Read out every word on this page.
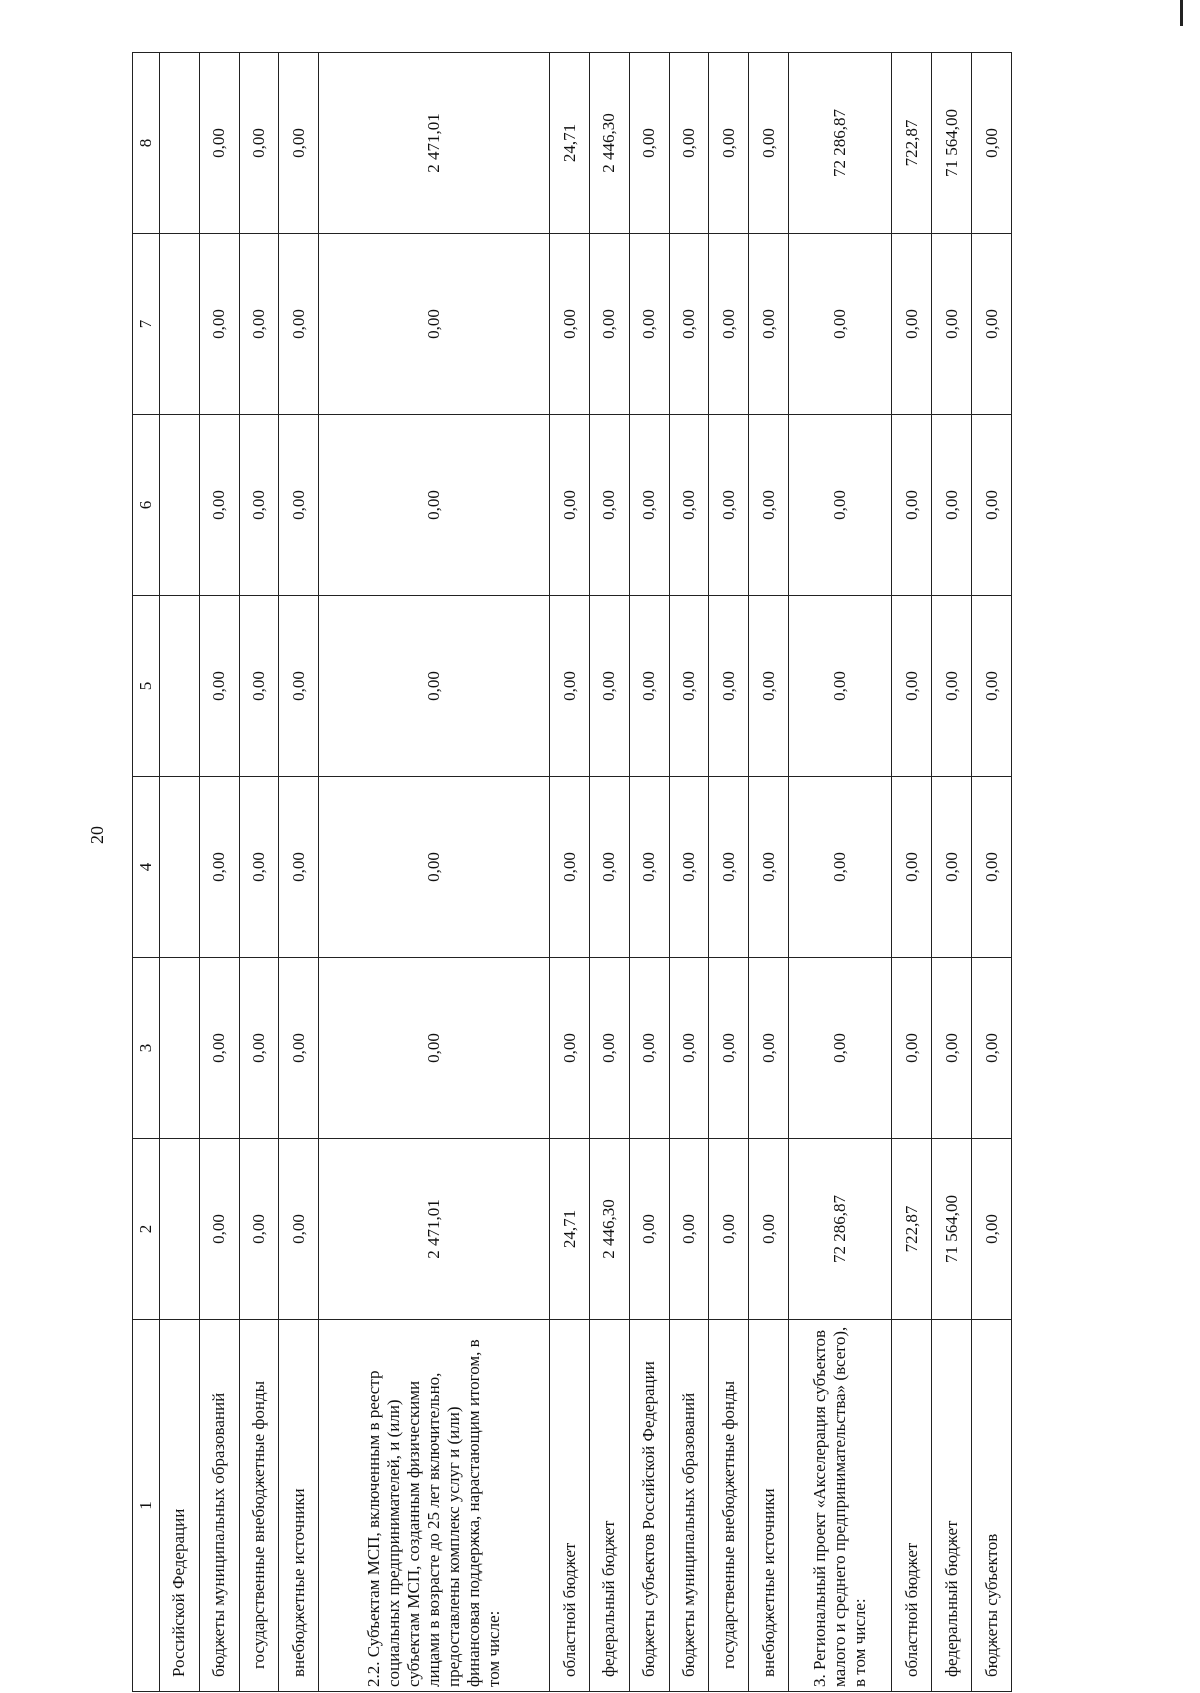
20
1	2	3	4	5	6	7	8
Российской Федерации							
бюджеты муниципальных образований	0,00	0,00	0,00	0,00	0,00	0,00	0,00
государственные внебюджетные фонды	0,00	0,00	0,00	0,00	0,00	0,00	0,00
внебюджетные источники	0,00	0,00	0,00	0,00	0,00	0,00	0,00
2.2. Субъектам МСП, включенным в реестр социальных предпринимателей, и (или) субъектам МСП, созданным физическими лицами в возрасте до 25 лет включительно, предоставлены комплекс услуг и (или) финансовая поддержка, нарастающим итогом, в том числе:	2 471,01	0,00	0,00	0,00	0,00	0,00	2 471,01
областной бюджет	24,71	0,00	0,00	0,00	0,00	0,00	24,71
федеральный бюджет	2 446,30	0,00	0,00	0,00	0,00	0,00	2 446,30
бюджеты субъектов Российской Федерации	0,00	0,00	0,00	0,00	0,00	0,00	0,00
бюджеты муниципальных образований	0,00	0,00	0,00	0,00	0,00	0,00	0,00
государственные внебюджетные фонды	0,00	0,00	0,00	0,00	0,00	0,00	0,00
внебюджетные источники	0,00	0,00	0,00	0,00	0,00	0,00	0,00
3. Региональный проект «Акселерация субъектов малого и среднего предпринимательства» (всего), в том числе:	72 286,87	0,00	0,00	0,00	0,00	0,00	72 286,87
областной бюджет	722,87	0,00	0,00	0,00	0,00	0,00	722,87
федеральный бюджет	71 564,00	0,00	0,00	0,00	0,00	0,00	71 564,00
бюджеты субъектов	0,00	0,00	0,00	0,00	0,00	0,00	0,00
